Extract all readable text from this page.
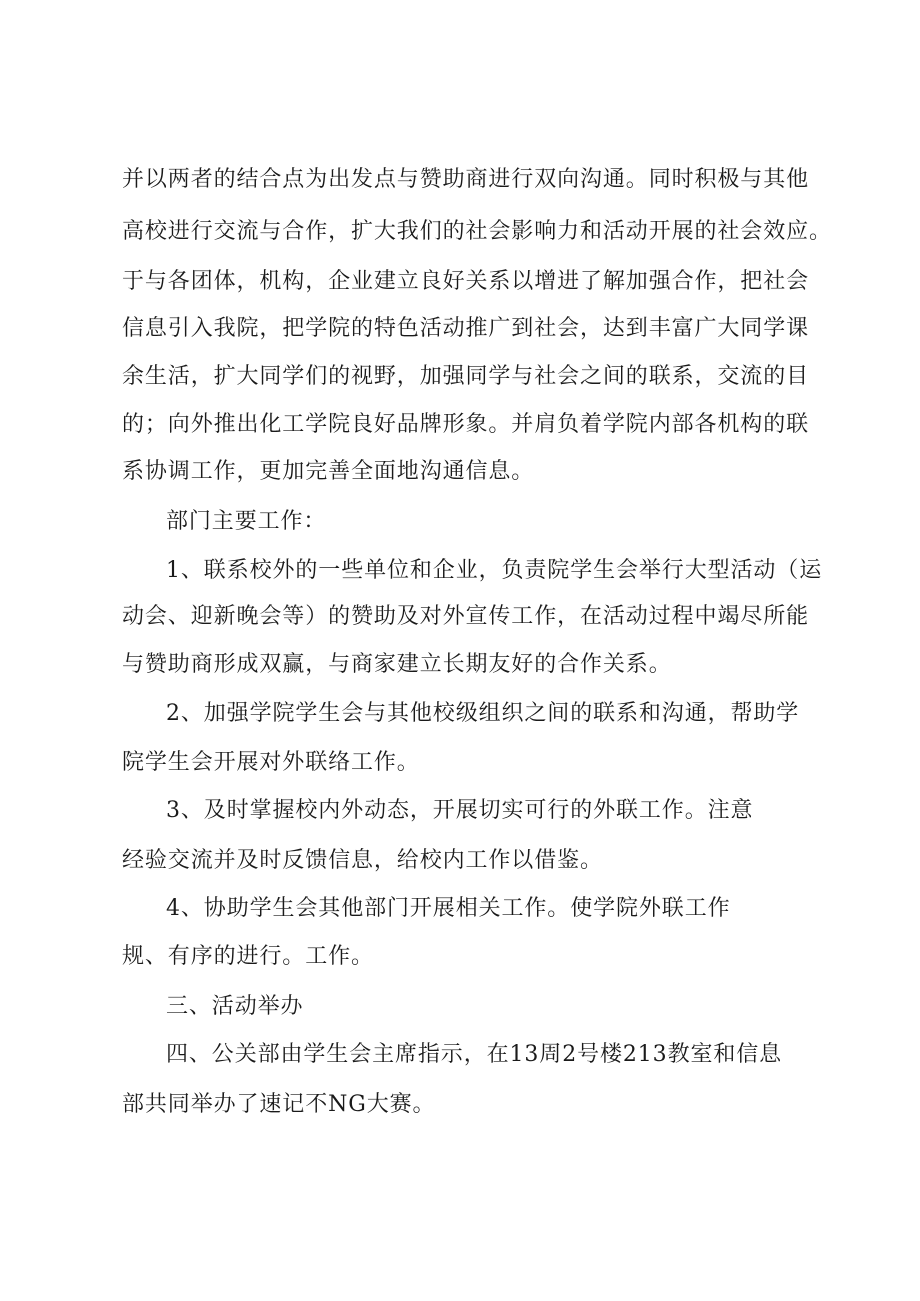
并以两者的结合点为出发点与赞助商进行双向沟通。同时积极与其他
高校进行交流与合作，扩大我们的社会影响力和活动开展的社会效应。
于与各团体，机构，企业建立良好关系以增进了解加强合作，把社会
信息引入我院，把学院的特色活动推广到社会，达到丰富广大同学课
余生活，扩大同学们的视野，加强同学与社会之间的联系，交流的目
的；向外推出化工学院良好品牌形象。并肩负着学院内部各机构的联
系协调工作，更加完善全面地沟通信息。
部门主要工作：
1、联系校外的一些单位和企业，负责院学生会举行大型活动（运
动会、迎新晚会等）的赞助及对外宣传工作，在活动过程中竭尽所能
与赞助商形成双赢，与商家建立长期友好的合作关系。
2、加强学院学生会与其他校级组织之间的联系和沟通，帮助学
院学生会开展对外联络工作。
3、及时掌握校内外动态，开展切实可行的外联工作。注意
经验交流并及时反馈信息，给校内工作以借鉴。
4、协助学生会其他部门开展相关工作。使学院外联工作
规、有序的进行。工作。
三、活动举办
四、公关部由学生会主席指示，在13周2号楼213教室和信息
部共同举办了速记不NG大赛。
